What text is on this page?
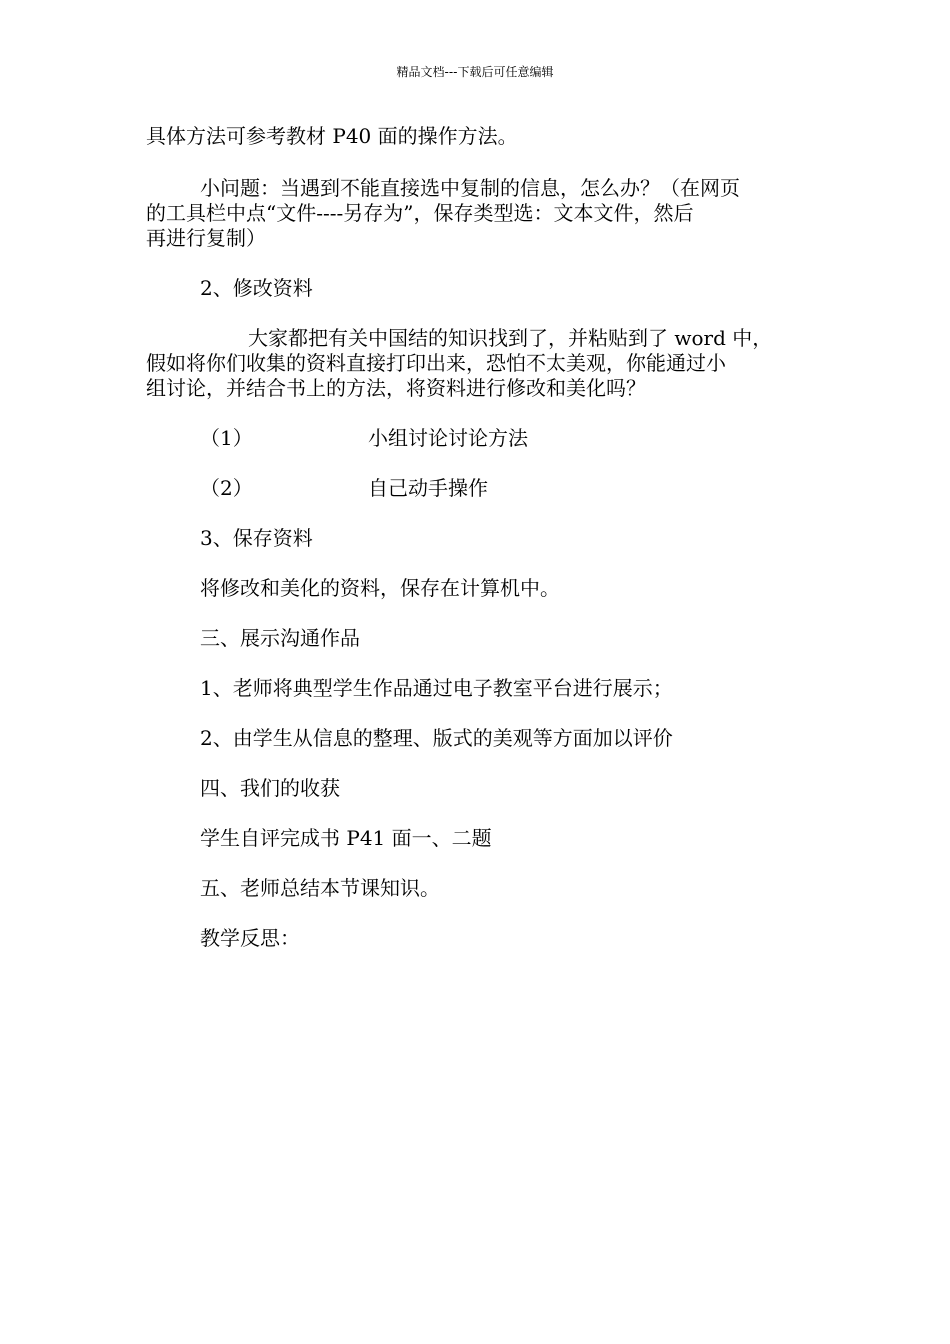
精品文档---下载后可任意编辑

具体方法可参考教材 P40 面的操作方法。

小问题：当遇到不能直接选中复制的信息，怎么办？（在网页

的工具栏中点“文件----另存为”，保存类型选：文本文件，然后

再进行复制）

2、修改资料

大家都把有关中国结的知识找到了，并粘贴到了 word 中，

假如将你们收集的资料直接打印出来，恐怕不太美观，你能通过小

组讨论，并结合书上的方法，将资料进行修改和美化吗？

（1）	小组讨论讨论方法

（2）	自己动手操作

3、保存资料

将修改和美化的资料，保存在计算机中。

三、展示沟通作品

1、老师将典型学生作品通过电子教室平台进行展示；

2、由学生从信息的整理、版式的美观等方面加以评价

四、我们的收获

学生自评完成书 P41 面一、二题

五、老师总结本节课知识。

教学反思：
